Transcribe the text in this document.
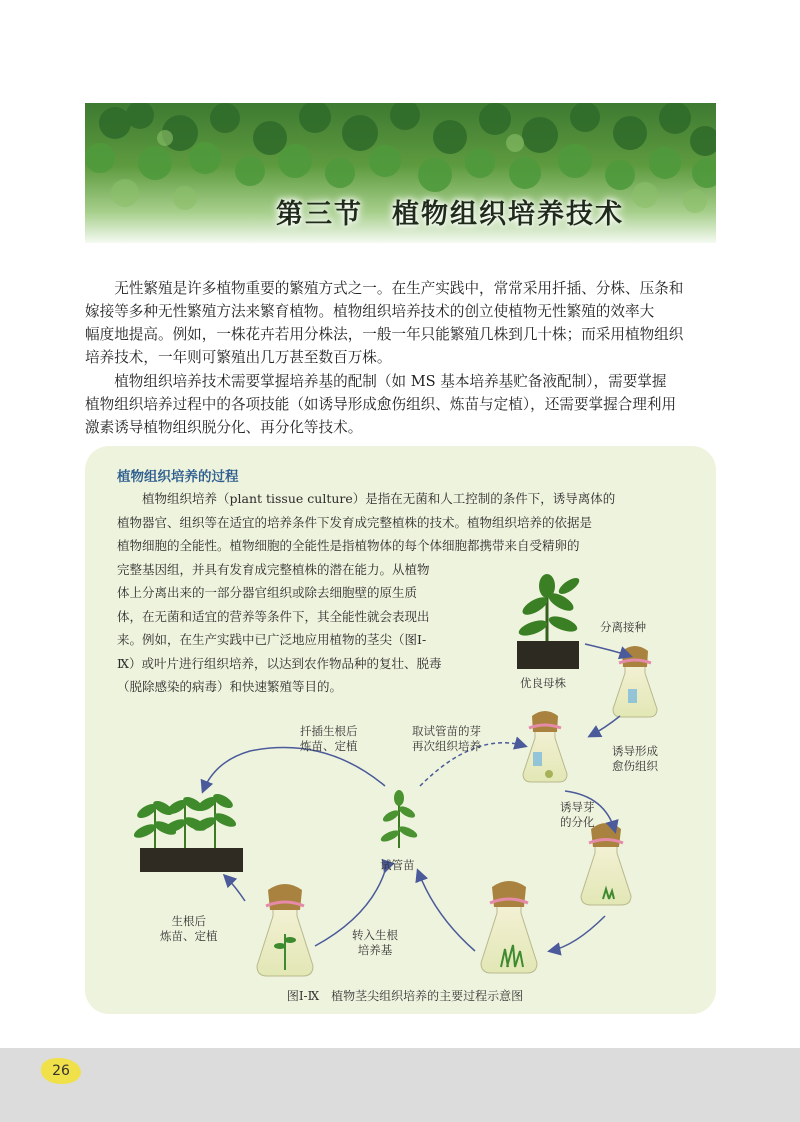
第三节　植物组织培养技术
无性繁殖是许多植物重要的繁殖方式之一。在生产实践中，常常采用扦插、分株、压条和
嫁接等多种无性繁殖方法来繁育植物。植物组织培养技术的创立使植物无性繁殖的效率大
幅度地提高。例如，一株花卉若用分株法，一般一年只能繁殖几株到几十株；而采用植物组织
培养技术，一年则可繁殖出几万甚至数百万株。
植物组织培养技术需要掌握培养基的配制（如 MS 基本培养基贮备液配制），需要掌握
植物组织培养过程中的各项技能（如诱导形成愈伤组织、炼苗与定植），还需要掌握合理利用
激素诱导植物组织脱分化、再分化等技术。
植物组织培养的过程
　　植物组织培养（plant tissue culture）是指在无菌和人工控制的条件下，诱导离体的
植物器官、组织等在适宜的培养条件下发育成完整植株的技术。植物组织培养的依据是
植物细胞的全能性。植物细胞的全能性是指植物体的每个体细胞都携带来自受精卵的
完整基因组，并具有发育成完整植株的潜在能力。从植物
体上分离出来的一部分器官组织或除去细胞壁的原生质
体，在无菌和适宜的营养等条件下，其全能性就会表现出
来。例如，在生产实践中已广泛地应用植物的茎尖（图Ⅰ-
Ⅸ）或叶片进行组织培养，以达到农作物品种的复壮、脱毒
（脱除感染的病毒）和快速繁殖等目的。	优良母株
分离接种
诱导形成
愈伤组织
诱导芽
的分化
取试管苗的芽
再次组织培养
扦插生根后
炼苗、定植
试管苗
转入生根
培养基
生根后
炼苗、定植
图Ⅰ-Ⅸ　植物茎尖组织培养的主要过程示意图
26
